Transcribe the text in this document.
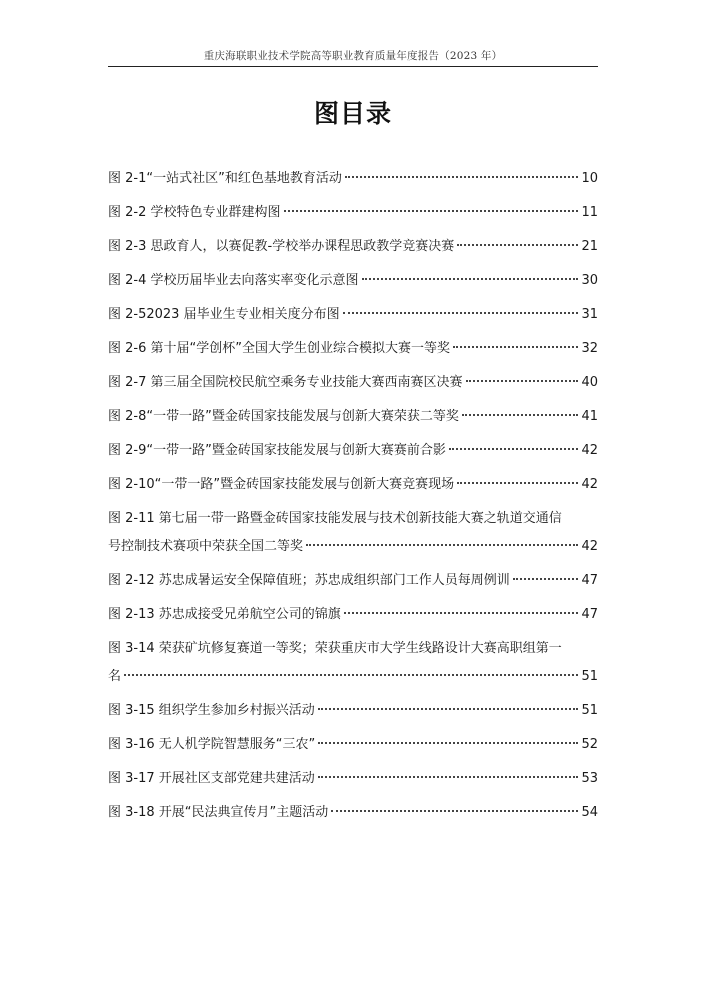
重庆海联职业技术学院高等职业教育质量年度报告（2023 年）
图目录
图 2-1“一站式社区”和红色基地教育活动	10
图 2-2 学校特色专业群建构图	11
图 2-3 思政育人，以赛促教-学校举办课程思政教学竞赛决赛	21
图 2-4 学校历届毕业去向落实率变化示意图	30
图 2-52023 届毕业生专业相关度分布图	31
图 2-6 第十届“学创杯”全国大学生创业综合模拟大赛一等奖	32
图 2-7 第三届全国院校民航空乘务专业技能大赛西南赛区决赛	40
图 2-8“一带一路”暨金砖国家技能发展与创新大赛荣获二等奖	41
图 2-9“一带一路”暨金砖国家技能发展与创新大赛赛前合影	42
图 2-10“一带一路”暨金砖国家技能发展与创新大赛竞赛现场	42
图 2-11 第七届一带一路暨金砖国家技能发展与技术创新技能大赛之轨道交通信
号控制技术赛项中荣获全国二等奖	42
图 2-12 苏忠成暑运安全保障值班；苏忠成组织部门工作人员每周例训	47
图 2-13 苏忠成接受兄弟航空公司的锦旗	47
图 3-14 荣获矿坑修复赛道一等奖；荣获重庆市大学生线路设计大赛高职组第一
名	51
图 3-15 组织学生参加乡村振兴活动	51
图 3-16 无人机学院智慧服务“三农”	52
图 3-17 开展社区支部党建共建活动	53
图 3-18 开展“民法典宣传月”主题活动	54
